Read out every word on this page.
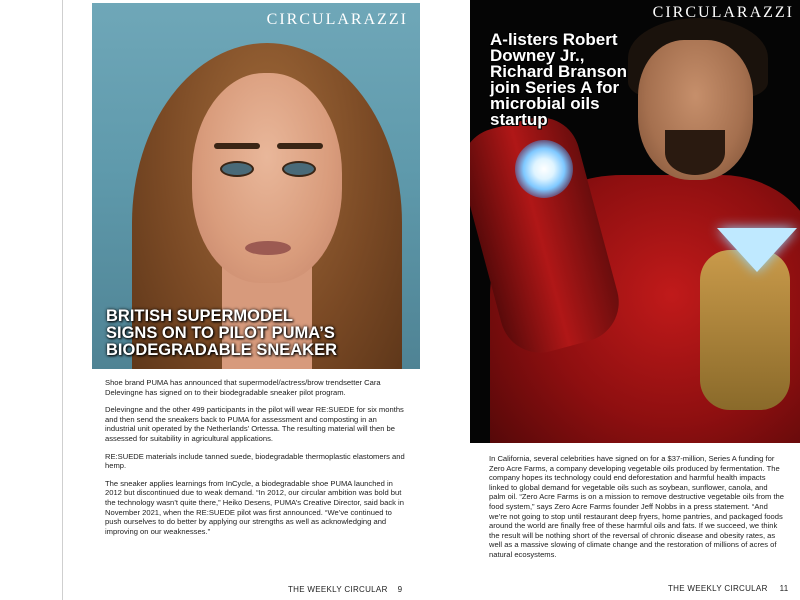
CIRCULARAZZI
BRITISH SUPERMODEL
SIGNS ON TO PILOT PUMA’S
BIODEGRADABLE SNEAKER

Shoe brand PUMA has announced that supermodel/actress/brow trendsetter Cara Delevingne has signed on to their biodegradable sneaker pilot program.

Delevingne and the other 499 participants in the pilot will wear RE:SUEDE for six months and then send the sneakers back to PUMA for assessment and composting in an industrial unit operated by the Netherlands’ Ortessa. The resulting material will then be assessed for suitability in agricultural applications.

RE:SUEDE materials include tanned suede, biodegradable thermoplastic elastomers and hemp.

The sneaker applies learnings from InCycle, a biodegradable shoe PUMA launched in 2012 but discontinued due to weak demand. “In 2012, our circular ambition was bold but the technology wasn’t quite there,” Heiko Desens, PUMA’s Creative Director, said back in November 2021, when the RE:SUEDE pilot was first announced. “We’ve continued to push ourselves to do better by applying our strengths as well as acknowledging and improving on our weaknesses.”

THE WEEKLY CIRCULAR 9
CIRCULARAZZI
A-listers Robert
Downey Jr.,
Richard Branson
join Series A for
microbial oils
startup

In California, several celebrities have signed on for a $37-million, Series A funding for Zero Acre Farms, a company developing vegetable oils produced by fermentation. The company hopes its technology could end deforestation and harmful health impacts linked to global demand for vegetable oils such as soybean, sunflower, canola, and palm oil. “Zero Acre Farms is on a mission to remove destructive vegetable oils from the food system,” says Zero Acre Farms founder Jeff Nobbs in a press statement. “And we’re not going to stop until restaurant deep fryers, home pantries, and packaged foods around the world are finally free of these harmful oils and fats. If we succeed, we think the result will be nothing short of the reversal of chronic disease and obesity rates, as well as a massive slowing of climate change and the restoration of millions of acres of natural ecosystems.

THE WEEKLY CIRCULAR 11
